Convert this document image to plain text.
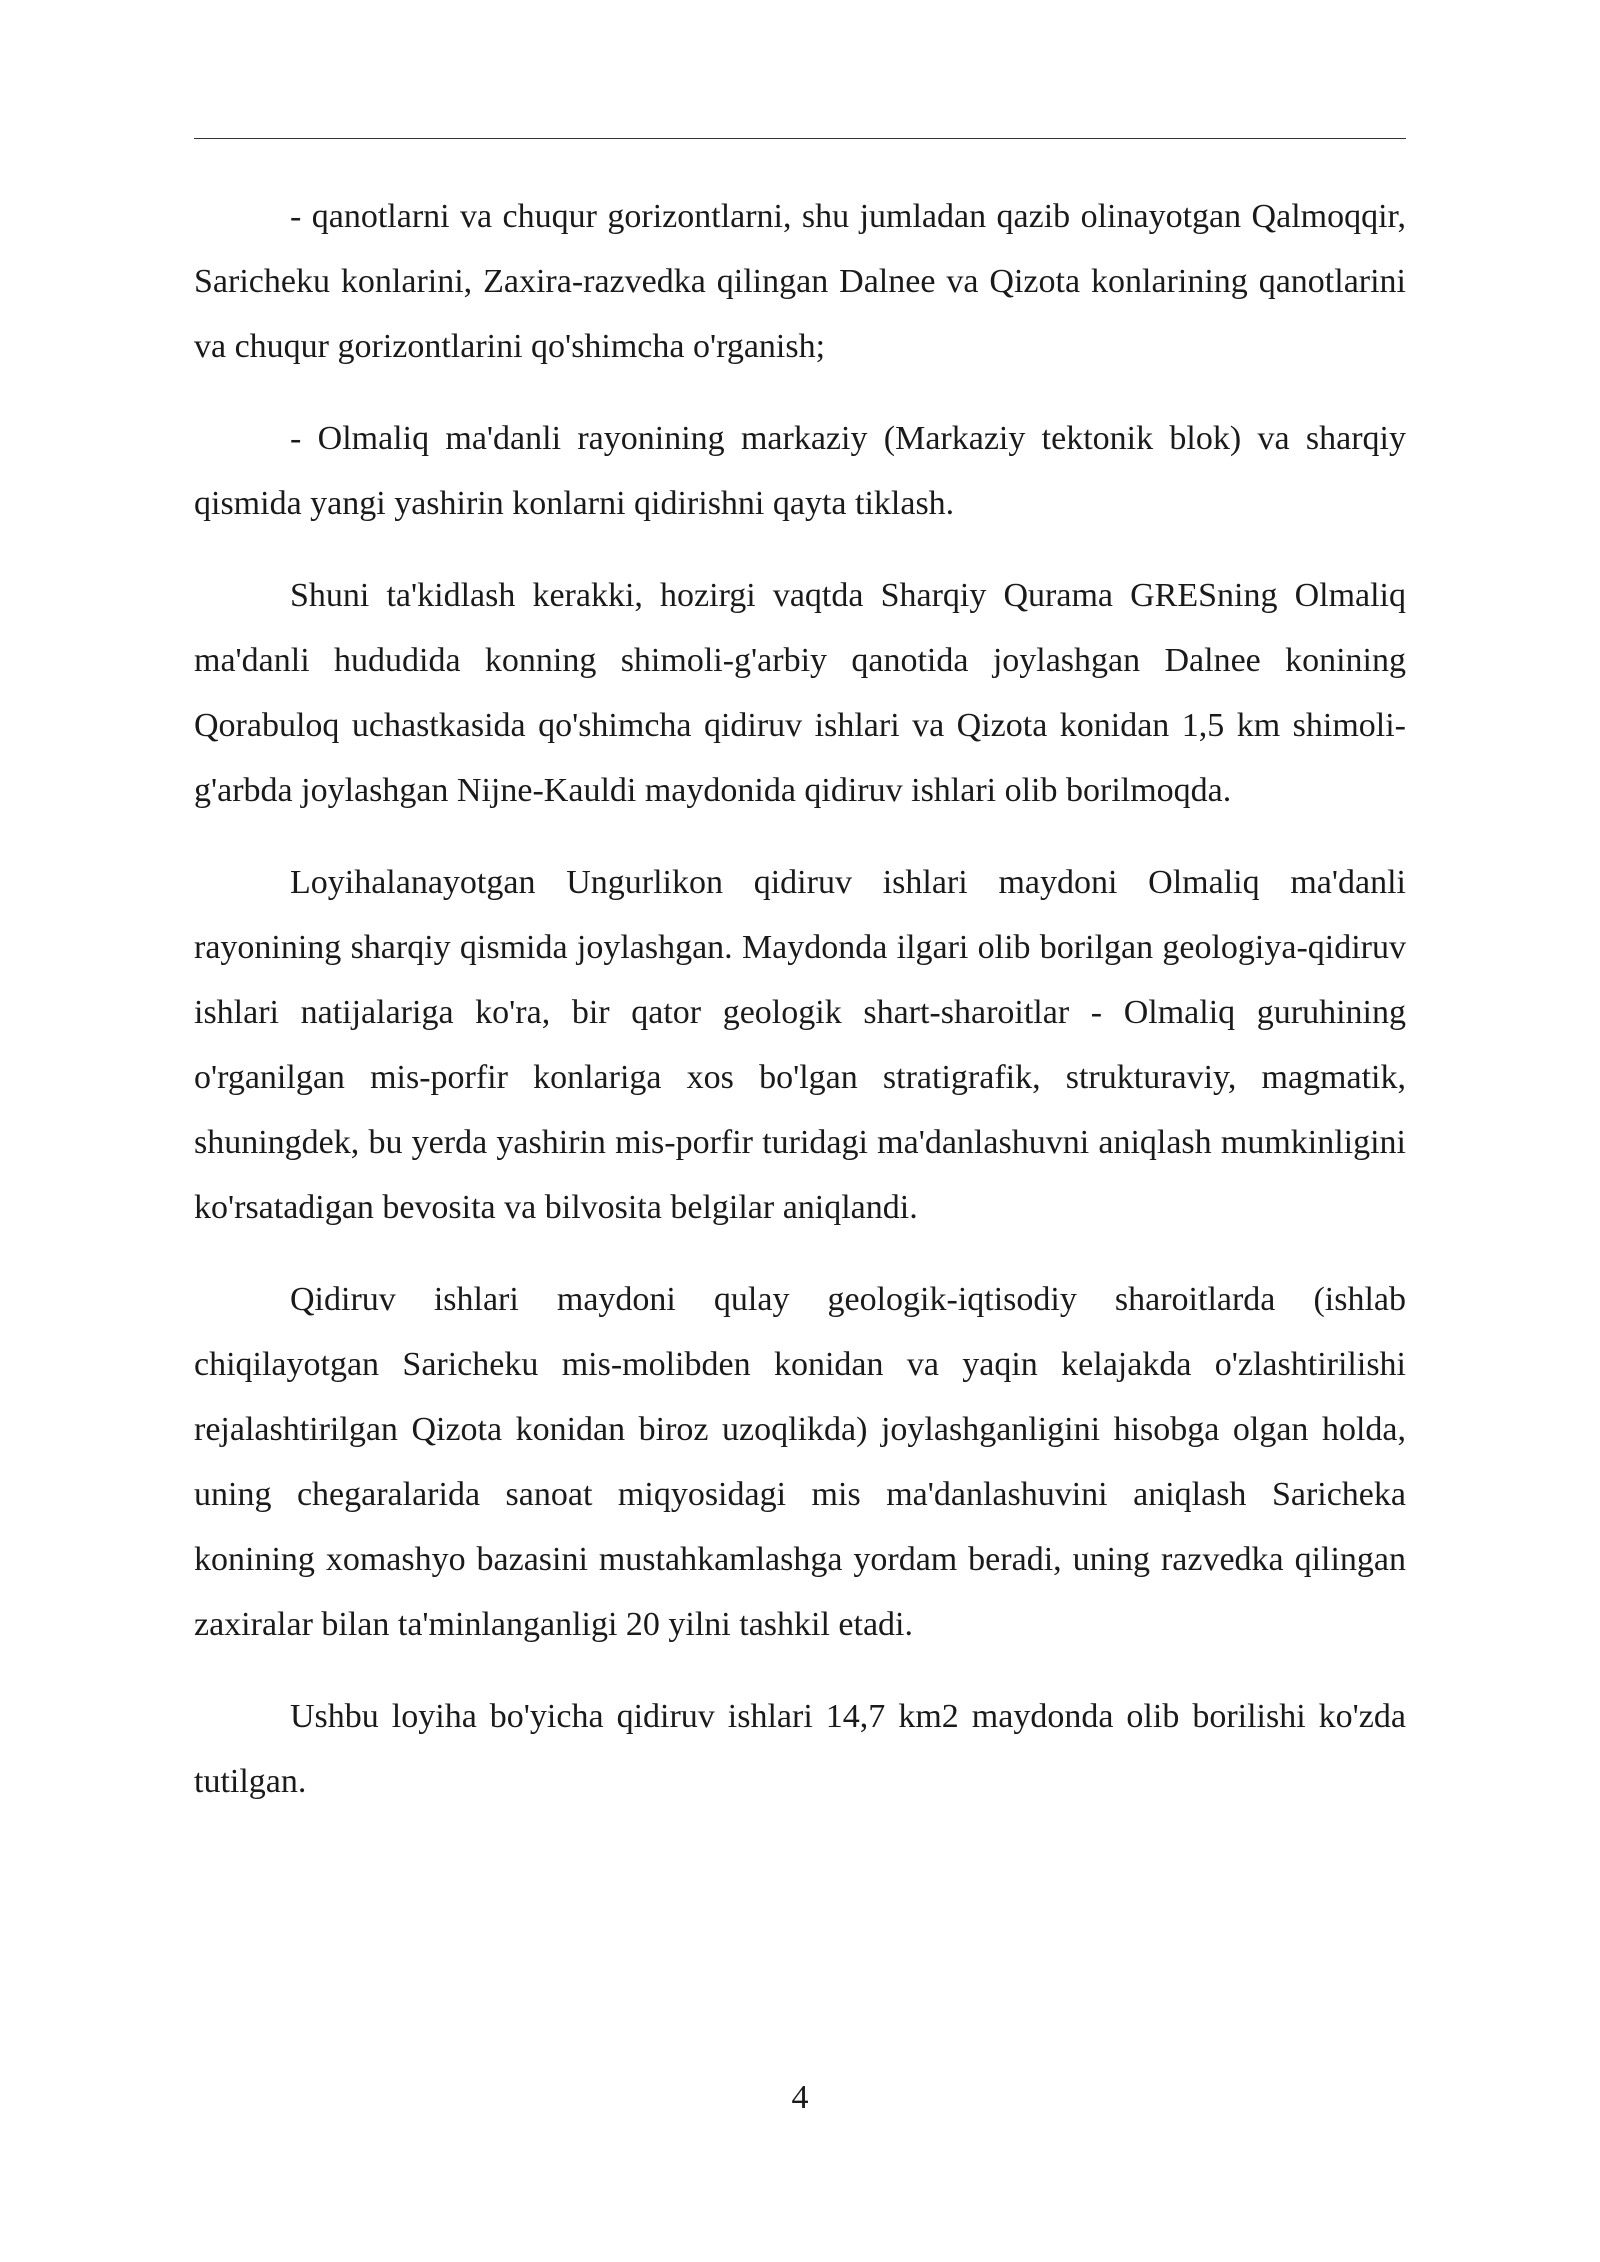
- qanotlarni va chuqur gorizontlarni, shu jumladan qazib olinayotgan Qalmoqqir, Saricheku konlarini, Zaxira-razvedka qilingan Dalnee va Qizota konlarining qanotlarini va chuqur gorizontlarini qo'shimcha o'rganish;

- Olmaliq ma'danli rayonining markaziy (Markaziy tektonik blok) va sharqiy qismida yangi yashirin konlarni qidirishni qayta tiklash.

Shuni ta'kidlash kerakki, hozirgi vaqtda Sharqiy Qurama GRESning Olmaliq ma'danli hududida konning shimoli-g'arbiy qanotida joylashgan Dalnee konining Qorabuloq uchastkasida qo'shimcha qidiruv ishlari va Qizota konidan 1,5 km shimoli-g'arbda joylashgan Nijne-Kauldi maydonida qidiruv ishlari olib borilmoqda.

Loyihalanayotgan Ungurlikon qidiruv ishlari maydoni Olmaliq ma'danli rayonining sharqiy qismida joylashgan. Maydonda ilgari olib borilgan geologiya-qidiruv ishlari natijalariga ko'ra, bir qator geologik shart-sharoitlar - Olmaliq guruhining o'rganilgan mis-porfir konlariga xos bo'lgan stratigrafik, strukturaviy, magmatik, shuningdek, bu yerda yashirin mis-porfir turidagi ma'danlashuvni aniqlash mumkinligini ko'rsatadigan bevosita va bilvosita belgilar aniqlandi.

Qidiruv ishlari maydoni qulay geologik-iqtisodiy sharoitlarda (ishlab chiqilayotgan Saricheku mis-molibden konidan va yaqin kelajakda o'zlashtirilishi rejalashtirilgan Qizota konidan biroz uzoqlikda) joylashganligini hisobga olgan holda, uning chegaralarida sanoat miqyosidagi mis ma'danlashuvini aniqlash Saricheka konining xomashyo bazasini mustahkamlashga yordam beradi, uning razvedka qilingan zaxiralar bilan ta'minlanganligi 20 yilni tashkil etadi.

Ushbu loyiha bo'yicha qidiruv ishlari 14,7 km2 maydonda olib borilishi ko'zda tutilgan.

4
